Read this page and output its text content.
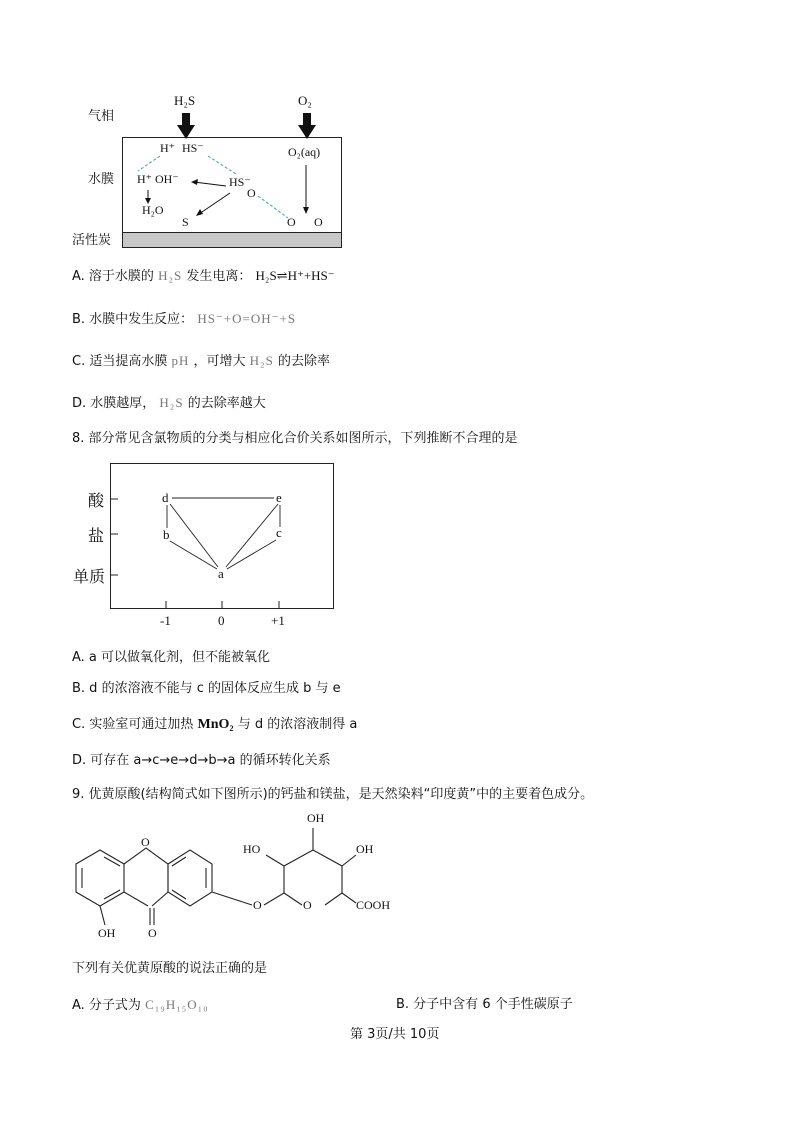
气相
水膜
活性炭
H₂S	O₂
H⁺ HS⁻	O₂(aq)
H⁺ OH⁻	HS⁻
O
H₂O
S	O O
A. 溶于水膜的 H₂S 发生电离： H₂S⇌H⁺+HS⁻
B. 水膜中发生反应： HS⁻+O=OH⁻+S
C. 适当提高水膜 pH ，可增大 H₂S 的去除率
D. 水膜越厚， H₂S 的去除率越大
8. 部分常见含氯物质的分类与相应化合价关系如图所示，下列推断不合理的是
酸
盐
单质
-1	0	+1
d	e
b	c
a
A. a 可以做氧化剂，但不能被氧化
B. d 的浓溶液不能与 c 的固体反应生成 b 与 e
C. 实验室可通过加热 MnO₂ 与 d 的浓溶液制得 a
D. 可存在 a→c→e→d→b→a 的循环转化关系
9. 优黄原酸(结构简式如下图所示)的钙盐和镁盐，是天然染料“印度黄”中的主要着色成分。
O
OH
HO	OH
O	O	COOH
OH	O
下列有关优黄原酸的说法正确的是
A. 分子式为 C₁₉H₁₅O₁₀	B. 分子中含有 6 个手性碳原子
第 3页/共 10页
